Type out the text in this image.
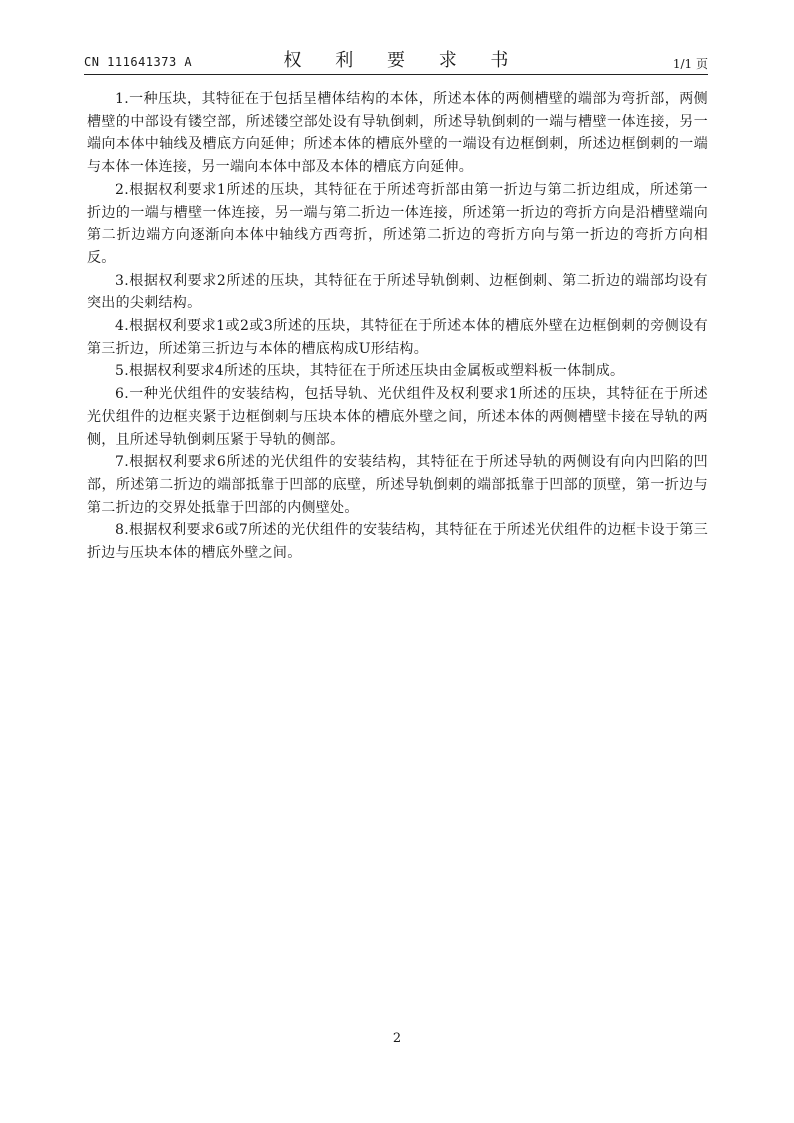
CN 111641373 A	权 利 要 求 书	1/1 页

1.一种压块，其特征在于包括呈槽体结构的本体，所述本体的两侧槽壁的端部为弯折部，两侧槽壁的中部设有镂空部，所述镂空部处设有导轨倒刺，所述导轨倒刺的一端与槽壁一体连接，另一端向本体中轴线及槽底方向延伸；所述本体的槽底外壁的一端设有边框倒刺，所述边框倒刺的一端与本体一体连接，另一端向本体中部及本体的槽底方向延伸。

2.根据权利要求1所述的压块，其特征在于所述弯折部由第一折边与第二折边组成，所述第一折边的一端与槽壁一体连接，另一端与第二折边一体连接，所述第一折边的弯折方向是沿槽壁端向第二折边端方向逐渐向本体中轴线方西弯折，所述第二折边的弯折方向与第一折边的弯折方向相反。

3.根据权利要求2所述的压块，其特征在于所述导轨倒刺、边框倒刺、第二折边的端部均设有突出的尖刺结构。

4.根据权利要求1或2或3所述的压块，其特征在于所述本体的槽底外壁在边框倒刺的旁侧设有第三折边，所述第三折边与本体的槽底构成U形结构。

5.根据权利要求4所述的压块，其特征在于所述压块由金属板或塑料板一体制成。

6.一种光伏组件的安装结构，包括导轨、光伏组件及权利要求1所述的压块，其特征在于所述光伏组件的边框夹紧于边框倒刺与压块本体的槽底外壁之间，所述本体的两侧槽壁卡接在导轨的两侧，且所述导轨倒刺压紧于导轨的侧部。

7.根据权利要求6所述的光伏组件的安装结构，其特征在于所述导轨的两侧设有向内凹陷的凹部，所述第二折边的端部抵靠于凹部的底壁，所述导轨倒刺的端部抵靠于凹部的顶壁，第一折边与第二折边的交界处抵靠于凹部的内侧壁处。

8.根据权利要求6或7所述的光伏组件的安装结构，其特征在于所述光伏组件的边框卡设于第三折边与压块本体的槽底外壁之间。

2
